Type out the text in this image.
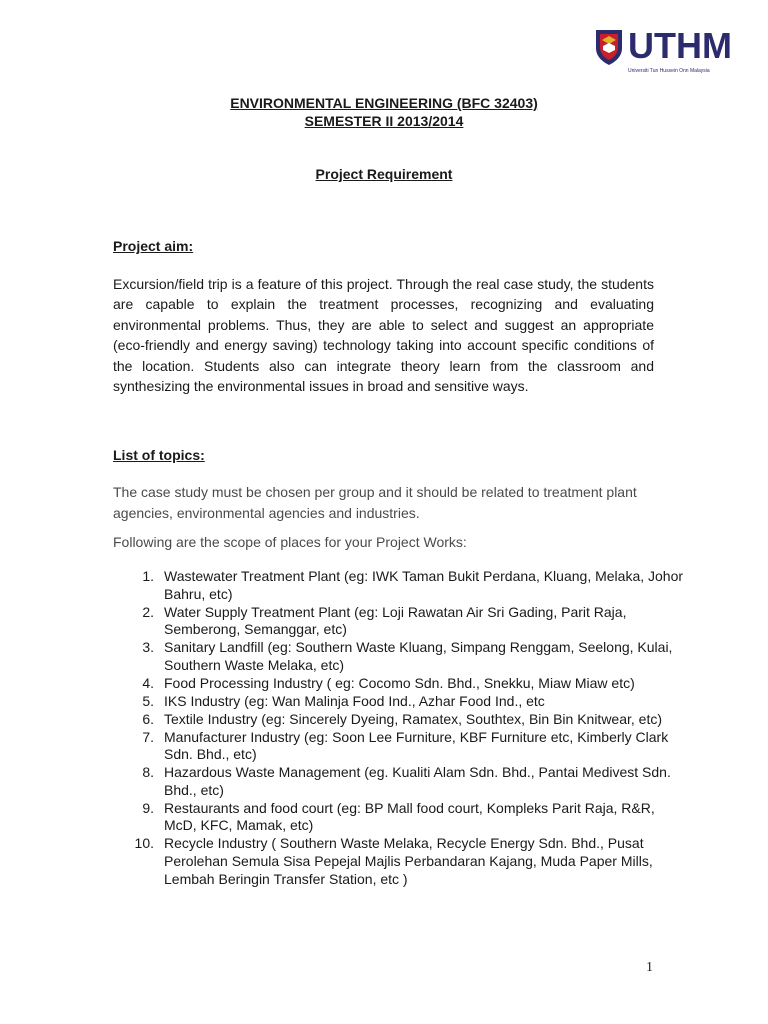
UTHM
Universiti Tun Hussein Onn Malaysia
ENVIRONMENTAL ENGINEERING (BFC 32403)
SEMESTER II 2013/2014
Project Requirement
Project aim:
Excursion/field trip is a feature of this project. Through the real case study, the students are capable to explain the treatment processes, recognizing and evaluating environmental problems. Thus, they are able to select and suggest an appropriate (eco-friendly and energy saving) technology taking into account specific conditions of the location. Students also can integrate theory learn from the classroom and synthesizing the environmental issues in broad and sensitive ways.
List of topics:
The case study must be chosen per group and it should be related to treatment plant agencies, environmental agencies and industries.
Following are the scope of places for your Project Works:
1. Wastewater Treatment Plant (eg: IWK Taman Bukit Perdana, Kluang, Melaka, Johor Bahru, etc)
2. Water Supply Treatment Plant (eg: Loji Rawatan Air Sri Gading, Parit Raja, Semberong, Semanggar, etc)
3. Sanitary Landfill (eg: Southern Waste Kluang, Simpang Renggam, Seelong, Kulai, Southern Waste Melaka, etc)
4. Food Processing Industry ( eg: Cocomo Sdn. Bhd., Snekku, Miaw Miaw etc)
5. IKS Industry (eg: Wan Malinja Food Ind., Azhar Food Ind., etc
6. Textile Industry (eg: Sincerely Dyeing, Ramatex, Southtex, Bin Bin Knitwear, etc)
7. Manufacturer Industry (eg: Soon Lee Furniture, KBF Furniture etc, Kimberly Clark Sdn. Bhd., etc)
8. Hazardous Waste Management (eg. Kualiti Alam Sdn. Bhd., Pantai Medivest Sdn. Bhd., etc)
9. Restaurants and food court (eg: BP Mall food court, Kompleks Parit Raja, R&R, McD, KFC, Mamak, etc)
10. Recycle Industry ( Southern Waste Melaka, Recycle Energy Sdn. Bhd., Pusat Perolehan Semula Sisa Pepejal Majlis Perbandaran Kajang, Muda Paper Mills, Lembah Beringin Transfer Station, etc )
1
